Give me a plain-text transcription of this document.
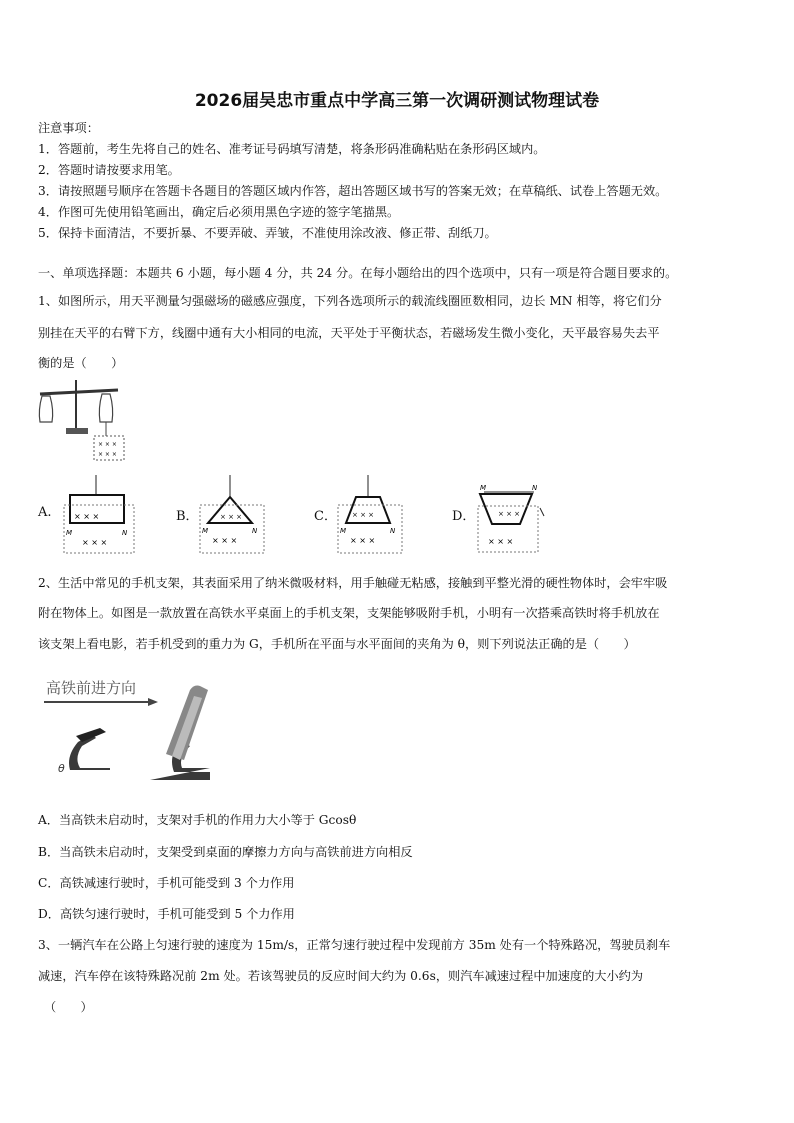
2026届吴忠市重点中学高三第一次调研测试物理试卷
注意事项：
1．答题前，考生先将自己的姓名、准考证号码填写清楚，将条形码准确粘贴在条形码区域内。
2．答题时请按要求用笔。
3．请按照题号顺序在答题卡各题目的答题区域内作答，超出答题区域书写的答案无效；在草稿纸、试卷上答题无效。
4．作图可先使用铅笔画出，确定后必须用黑色字迹的签字笔描黑。
5．保持卡面清洁，不要折暴、不要弄破、弄皱，不准使用涂改液、修正带、刮纸刀。
一、单项选择题：本题共 6 小题，每小题 4 分，共 24 分。在每小题给出的四个选项中，只有一项是符合题目要求的。
1、如图所示，用天平测量匀强磁场的磁感应强度，下列各选项所示的载流线圈匝数相同，边长 MN 相等，将它们分
别挂在天平的右臂下方，线圈中通有大小相同的电流，天平处于平衡状态，若磁场发生微小变化，天平最容易失去平
衡的是（　　）
× × ×
× × ×
A.	× × ×
× × ×
M	N
B．	× × ×
× × ×
M	N
C． × × ×
× × ×
M	N
D．
M	N
× × ×
× × ×
2、生活中常见的手机支架，其表面采用了纳米微吸材料，用手触碰无粘感，接触到平整光滑的硬性物体时，会牢牢吸
附在物体上。如图是一款放置在高铁水平桌面上的手机支架，支架能够吸附手机，小明有一次搭乘高铁时将手机放在
该支架上看电影，若手机受到的重力为 G，手机所在平面与水平面间的夹角为 θ，则下列说法正确的是（　　）
高铁前进方向
θ
A．当高铁未启动时，支架对手机的作用力大小等于 Gcosθ
B．当高铁未启动时，支架受到桌面的摩擦力方向与高铁前进方向相反
C．高铁减速行驶时，手机可能受到 3 个力作用
D．高铁匀速行驶时，手机可能受到 5 个力作用
3、一辆汽车在公路上匀速行驶的速度为 15m/s，正常匀速行驶过程中发现前方 35m 处有一个特殊路况，驾驶员刹车
减速，汽车停在该特殊路况前 2m 处。若该驾驶员的反应时间大约为 0.6s，则汽车减速过程中加速度的大小约为
（　　）
